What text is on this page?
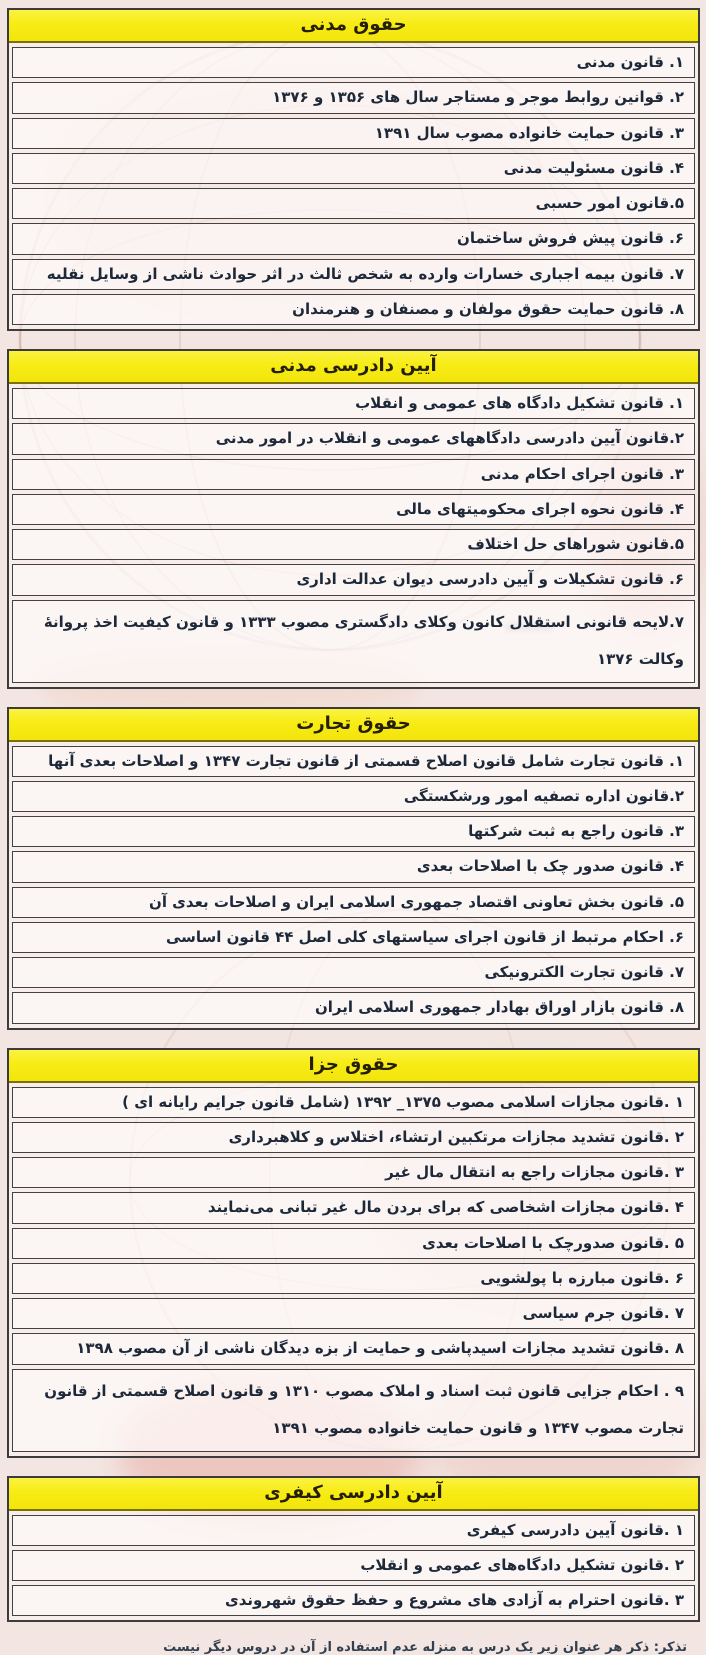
حقوق مدنی
۱. قانون مدنی
۲. قوانین روابط موجر و مستاجر سال های ۱۳۵۶ و ۱۳۷۶
۳. قانون حمایت خانواده مصوب سال ۱۳۹۱
۴. قانون مسئولیت مدنی
۵.قانون امور حسبی
۶. قانون پیش فروش ساختمان
۷. قانون بیمه اجباری خسارات وارده به شخص ثالث در اثر حوادث ناشی از وسایل نقلیه
۸. قانون حمایت حقوق مولفان و مصنفان و هنرمندان
آیین دادرسی مدنی
۱. قانون تشکیل دادگاه های عمومی و انقلاب
۲.قانون آیین دادرسی دادگاههای عمومی و انقلاب در امور مدنی
۳. قانون اجرای احکام مدنی
۴. قانون نحوه اجرای محکومیتهای مالی
۵.قانون شوراهای حل اختلاف
۶. قانون تشکیلات و آیین دادرسی دیوان عدالت اداری
۷.لایحه قانونی استقلال کانون وکلای دادگستری مصوب ۱۳۳۳ و قانون کیفیت اخذ پروانۀ وکالت ۱۳۷۶
حقوق تجارت
۱. قانون تجارت شامل قانون اصلاح قسمتی از قانون تجارت ۱۳۴۷ و اصلاحات بعدی آنها
۲.قانون اداره تصفیه امور ورشکستگی
۳. قانون راجع به ثبت شرکتها
۴. قانون صدور چک با اصلاحات بعدی
۵. قانون بخش تعاونی اقتصاد جمهوری اسلامی ایران و اصلاحات بعدی آن
۶. احکام مرتبط از قانون اجرای سیاستهای کلی اصل ۴۴ قانون اساسی
۷. قانون تجارت الکترونیکی
۸. قانون بازار اوراق بهادار جمهوری اسلامی ایران
حقوق جزا
۱ .قانون مجازات اسلامی مصوب ۱۳۷۵_ ۱۳۹۲ (شامل قانون جرایم رایانه ای )
۲ .قانون تشدید مجازات مرتکبین ارتشاء، اختلاس و کلاهبرداری
۳ .قانون مجازات راجع به انتقال مال غیر
۴ .قانون مجازات اشخاصی که برای بردن مال غیر تبانی می‌نمایند
۵ .قانون صدورچک با اصلاحات بعدی
۶ .قانون مبارزه با پولشویی
۷ .قانون جرم سیاسی
۸ .قانون تشدید مجازات اسیدپاشی و حمایت از بزه دیدگان ناشی از آن مصوب ۱۳۹۸
۹ . احکام جزایی قانون ثبت اسناد و املاک مصوب ۱۳۱۰ و قانون اصلاح قسمتی از قانون تجارت مصوب ۱۳۴۷ و قانون حمایت خانواده مصوب ۱۳۹۱
آیین دادرسی کیفری
۱ .قانون آیین دادرسی کیفری
۲ .قانون تشکیل دادگاه‌های عمومی و انقلاب
۳ .قانون احترام به آزادی های مشروع و حفظ حقوق شهروندی
تذکر: ذکر هر عنوان زیر یک درس به منزله عدم استفاده از آن در دروس دیگر نیست
